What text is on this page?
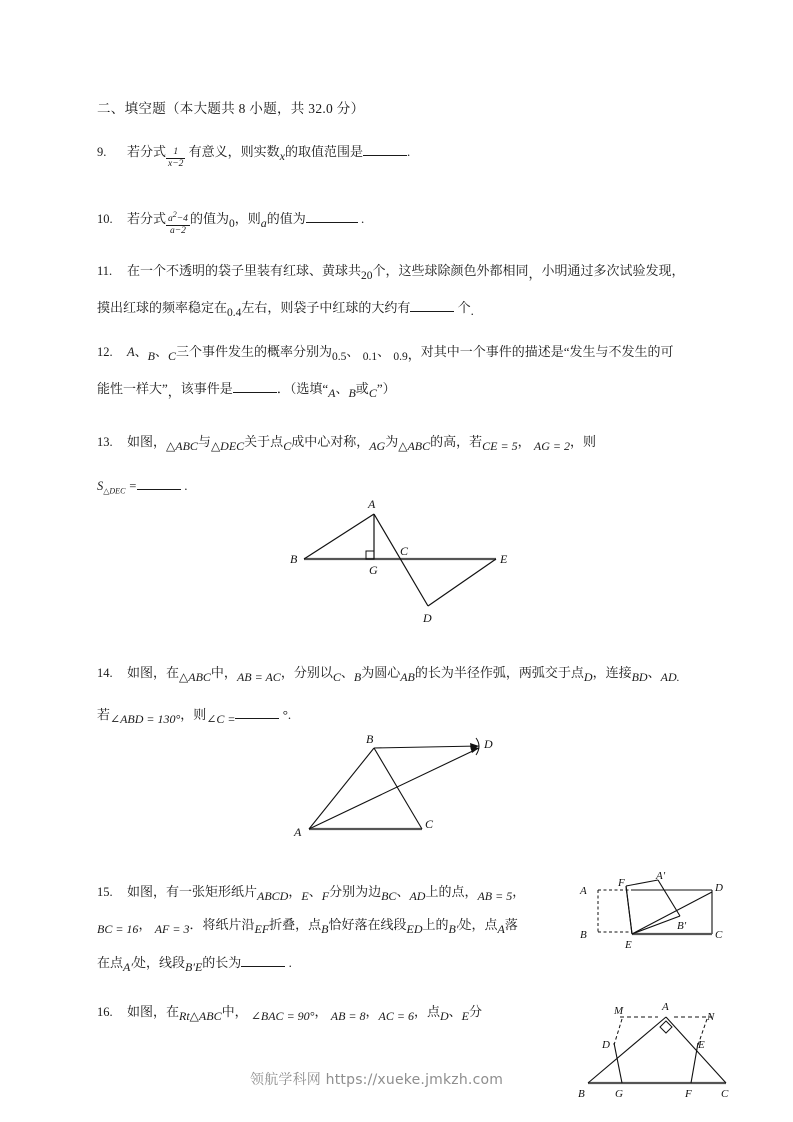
二、填空题（本大题共 8 小题，共 32.0 分）
9. 若分式 $\frac{1}{x-2}$ 有意义，则实数x的取值范围是	.
10. 若分式 $\frac{a^2-4}{a-2}$ 的值为0，则a的值为	.
11. 在一个不透明的袋子里装有红球、黄球共20个，这些球除颜色外都相同，小明通过多次试验发现，
摸出红球的频率稳定在0.4左右，则袋子中红球的大约有	个.
12. A、B、C三个事件发生的概率分别为0.5、 0.1、 0.9，对其中一个事件的描述是“发生与不发生的可
能性一样大”，该事件是	．（选填“A、B或C”）
13. 如图，△ABC与△DEC关于点C成中心对称，AG为△ABC的高，若CE = 5， AG = 2，则
$S_{\triangle DEC}$ =	.
A
B
C
D
E
G
14. 如图，在△ABC中，AB = AC，分别以C、B为圆心AB的长为半径作弧，两弧交于点D，连接BD、AD.
若∠ABD = 130°，则∠C =	°.
B	D
A
C
15. 如图，有一张矩形纸片ABCD，E、F分别为边BC、AD上的点，AB = 5，
BC = 16， AF = 3．将纸片沿EF折叠，点B恰好落在线段ED上的B′处，点A落
在点A′处，线段B′E的长为	.
A
B
F
A′
D
C
E
B′
16. 如图，在Rt△ABC中， ∠BAC = 90°， AB = 8，AC = 6，点D、E分	M	A
N
D	E
B	G	F	C
领航学科网 https://xueke.jmkzh.com
